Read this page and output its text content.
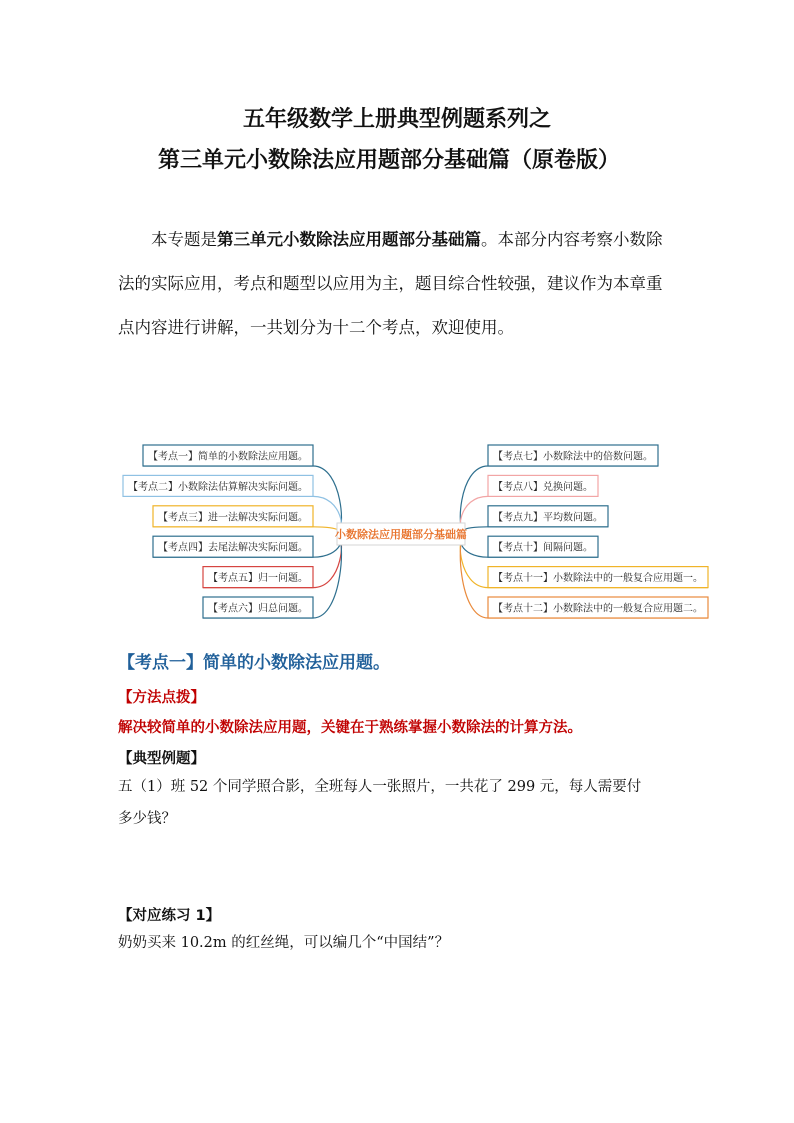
五年级数学上册典型例题系列之
第三单元小数除法应用题部分基础篇（原卷版）
本专题是第三单元小数除法应用题部分基础篇。本部分内容考察小数除法的实际应用，考点和题型以应用为主，题目综合性较强，建议作为本章重点内容进行讲解，一共划分为十二个考点，欢迎使用。
【考点一】简单的小数除法应用题。
【考点二】小数除法估算解决实际问题。
【考点三】进一法解决实际问题。
【考点四】去尾法解决实际问题。
【考点五】归一问题。
【考点六】归总问题。
【考点七】小数除法中的倍数问题。
【考点八】兑换问题。
【考点九】平均数问题。
【考点十】间隔问题。
【考点十一】小数除法中的一般复合应用题一。
【考点十二】小数除法中的一般复合应用题二。
小数除法应用题部分基础篇
【考点一】简单的小数除法应用题。
【方法点拨】
解决较简单的小数除法应用题，关键在于熟练掌握小数除法的计算方法。
【典型例题】
五（1）班 52 个同学照合影，全班每人一张照片，一共花了 299 元，每人需要付
多少钱？
【对应练习 1】
奶奶买来 10.2m 的红丝绳，可以编几个“中国结”？
